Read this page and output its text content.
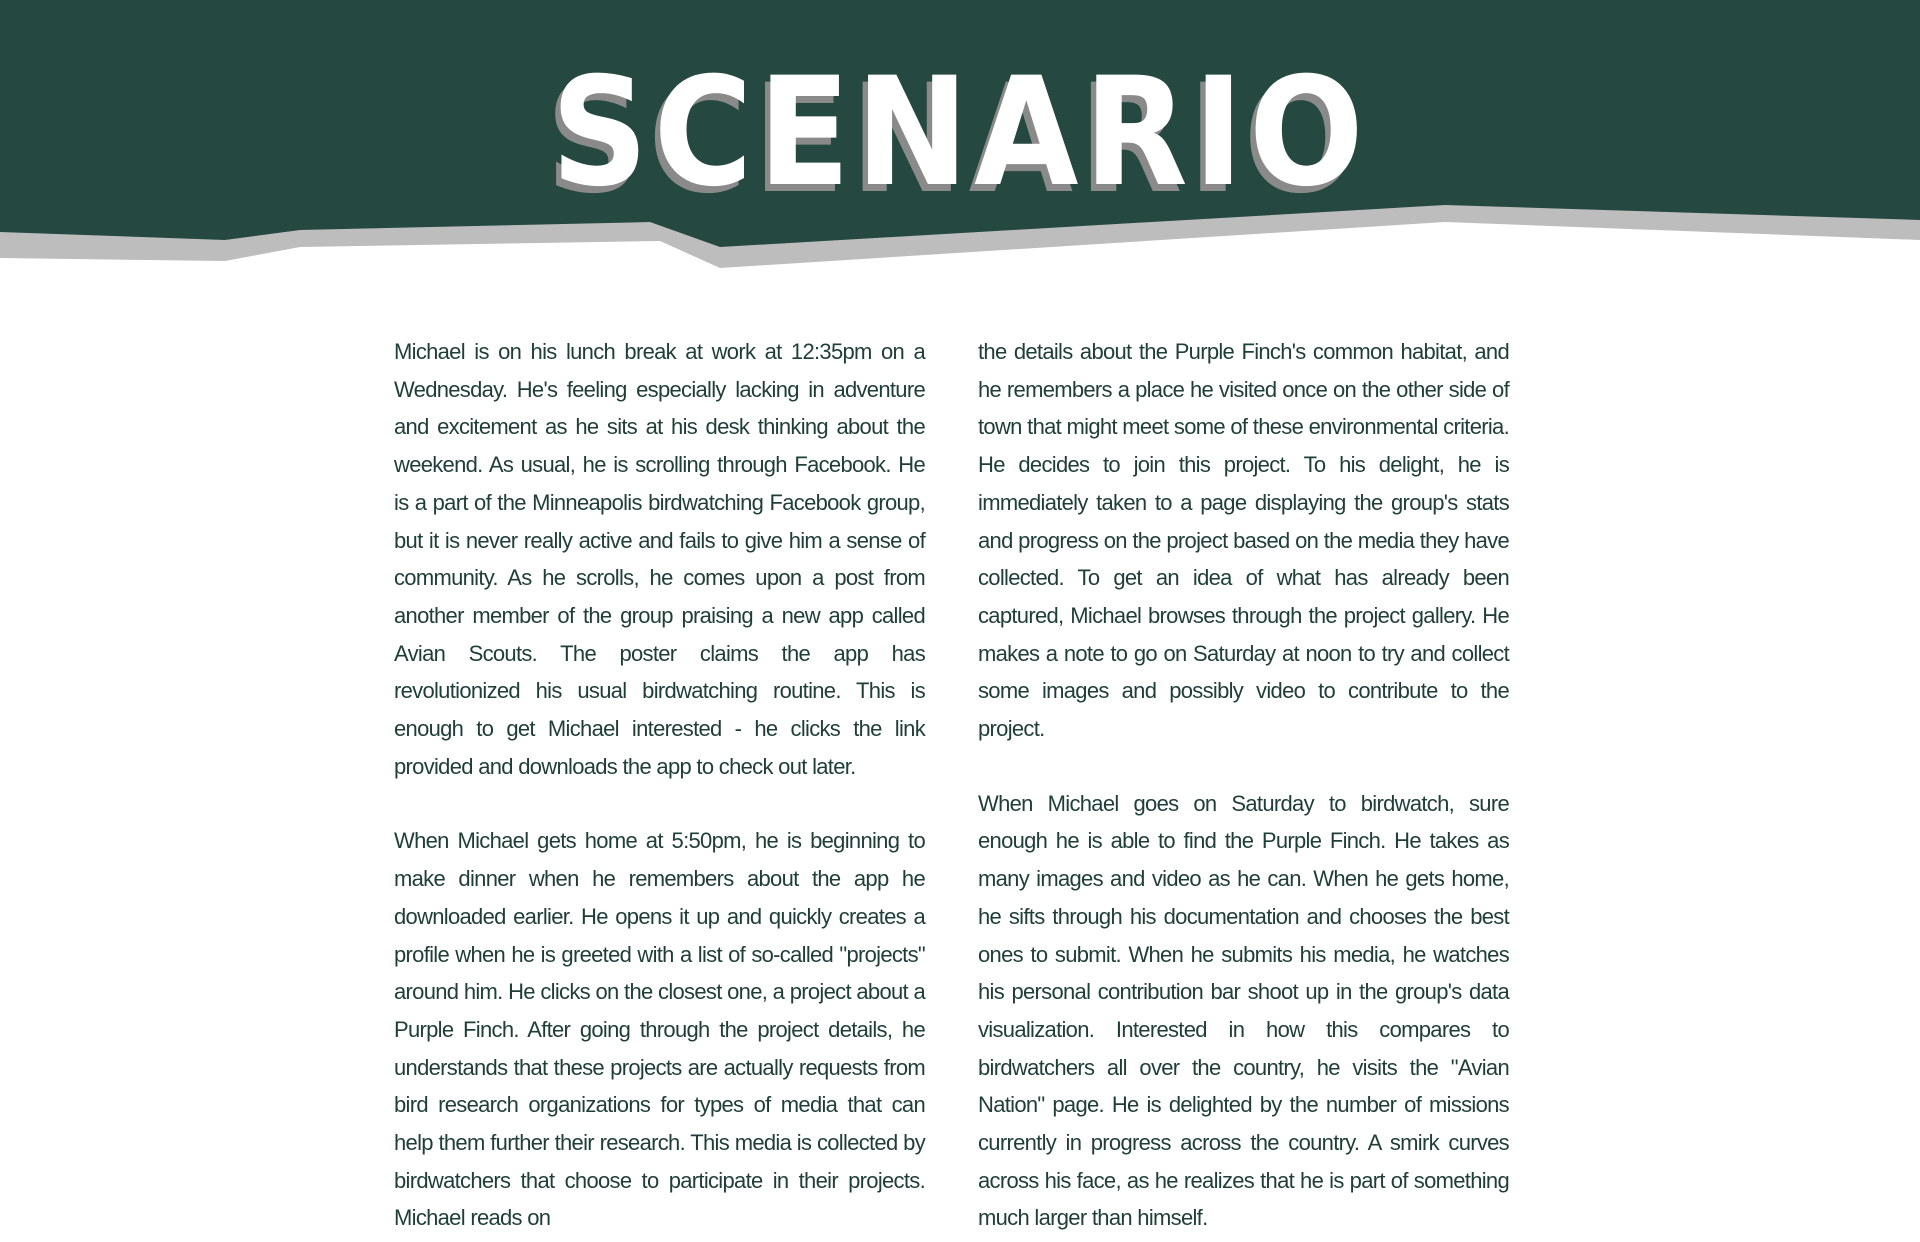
SCENARIO

Michael is on his lunch break at work at 12:35pm on a Wednesday. He's feeling especially lacking in adventure and excitement as he sits at his desk thinking about the weekend. As usual, he is scrolling through Facebook. He is a part of the Minneapolis birdwatching Facebook group, but it is never really active and fails to give him a sense of community. As he scrolls, he comes upon a post from another member of the group praising a new app called Avian Scouts. The poster claims the app has revolutionized his usual birdwatching routine. This is enough to get Michael interested - he clicks the link provided and downloads the app to check out later.

When Michael gets home at 5:50pm, he is beginning to make dinner when he remembers about the app he downloaded earlier. He opens it up and quickly creates a profile when he is greeted with a list of so-called "projects" around him. He clicks on the closest one, a project about a Purple Finch. After going through the project details, he understands that these projects are actually requests from bird research organizations for types of media that can help them further their research. This media is collected by birdwatchers that choose to participate in their projects. Michael reads on

the details about the Purple Finch's common habitat, and he remembers a place he visited once on the other side of town that might meet some of these environmental criteria. He decides to join this project. To his delight, he is immediately taken to a page displaying the group's stats and progress on the project based on the media they have collected. To get an idea of what has already been captured, Michael browses through the project gallery. He makes a note to go on Saturday at noon to try and collect some images and possibly video to contribute to the project.

When Michael goes on Saturday to birdwatch, sure enough he is able to find the Purple Finch. He takes as many images and video as he can. When he gets home, he sifts through his documentation and chooses the best ones to submit. When he submits his media, he watches his personal contribution bar shoot up in the group's data visualization. Interested in how this compares to birdwatchers all over the country, he visits the "Avian Nation" page. He is delighted by the number of missions currently in progress across the country. A smirk curves across his face, as he realizes that he is part of something much larger than himself.
